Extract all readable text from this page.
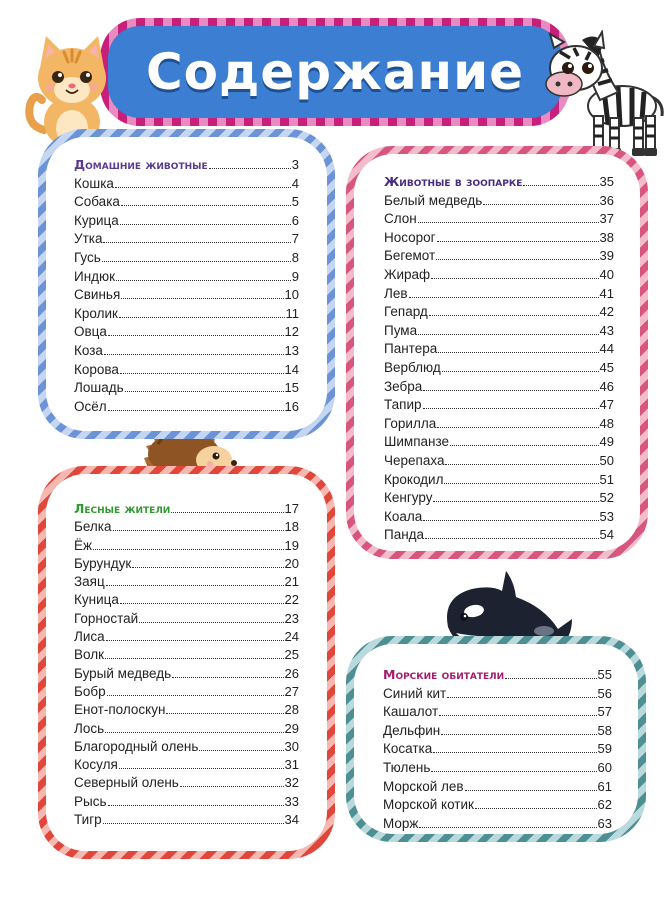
Содержание
Домашние животные	3
Кошка	4
Собака	5
Курица	6
Утка	7
Гусь	8
Индюк	9
Свинья	10
Кролик	11
Овца	12
Коза	13
Корова	14
Лошадь	15
Осёл	16
Животные в зоопарке	35
Белый медведь	36
Слон	37
Носорог	38
Бегемот	39
Жираф	40
Лев	41
Гепард	42
Пума	43
Пантера	44
Верблюд	45
Зебра	46
Тапир	47
Горилла	48
Шимпанзе	49
Черепаха	50
Крокодил	51
Кенгуру	52
Коала	53
Панда	54
Лесные жители	17
Белка	18
Ёж	19
Бурундук	20
Заяц	21
Куница	22
Горностай	23
Лиса	24
Волк	25
Бурый медведь	26
Бобр	27
Енот-полоскун	28
Лось	29
Благородный олень	30
Косуля	31
Северный олень	32
Рысь	33
Тигр	34
Морские обитатели	55
Синий кит	56
Кашалот	57
Дельфин	58
Косатка	59
Тюлень	60
Морской лев	61
Морской котик	62
Морж	63
